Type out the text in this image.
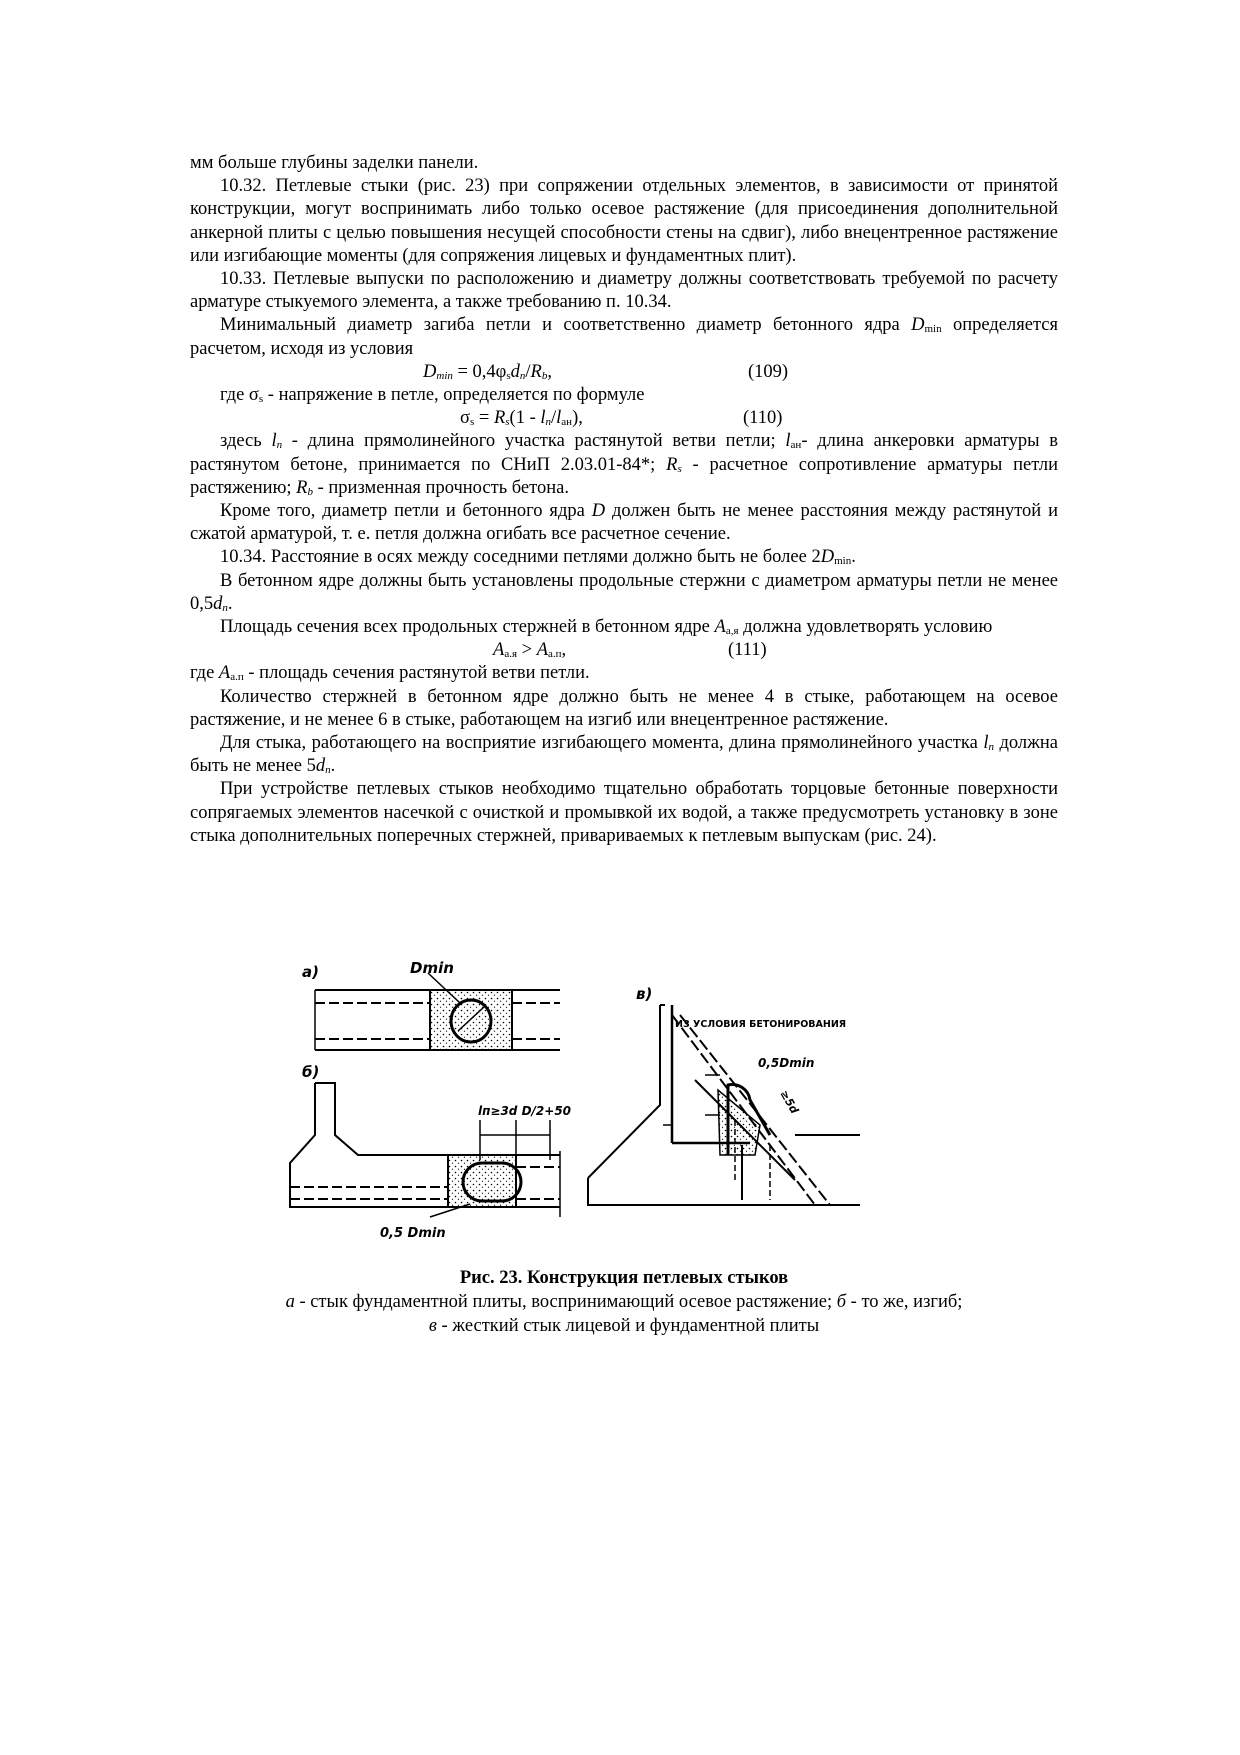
мм больше глубины заделки панели.

10.32. Петлевые стыки (рис. 23) при сопряжении отдельных элементов, в зависимости от принятой конструкции, могут воспринимать либо только осевое растяжение (для присоединения дополнительной анкерной плиты с целью повышения несущей способности стены на сдвиг), либо внецентренное растяжение или изгибающие моменты (для сопряжения лицевых и фундаментных плит).

10.33. Петлевые выпуски по расположению и диаметру должны соответствовать требуемой по расчету арматуре стыкуемого элемента, а также требованию п. 10.34.

Минимальный диаметр загиба петли и соответственно диаметр бетонного ядра $D_{min}$ определяется расчетом, исходя из условия

$D_{min} = 0,4\varphi_sd_n/R_b$,	(109)

где $\sigma_s$ - напряжение в петле, определяется по формуле

$\sigma_s = R_s(1 - l_n/l_{ан})$,	(110)

здесь $l_n$ - длина прямолинейного участка растянутой ветви петли; $l_{ан}-$ длина анкеровки арматуры в растянутом бетоне, принимается по СНиП 2.03.01-84*; $R_s$ - расчетное сопротивление арматуры петли растяжению; $R_b$ - призменная прочность бетона.

Кроме того, диаметр петли и бетонного ядра D должен быть не менее расстояния между растянутой и сжатой арматурой, т. е. петля должна огибать все расчетное сечение.

10.34. Расстояние в осях между соседними петлями должно быть не более $2D_{min}$.

В бетонном ядре должны быть установлены продольные стержни с диаметром арматуры петли не менее $0,5d_n$.

Площадь сечения всех продольных стержней в бетонном ядре $A_{а,я}$ должна удовлетворять условию

$A_{а.я} > A_{а.п}$,	(111)

где $A_{а.п}$ - площадь сечения растянутой ветви петли.

Количество стержней в бетонном ядре должно быть не менее 4 в стыке, работающем на осевое растяжение, и не менее 6 в стыке, работающем на изгиб или внецентренное растяжение.

Для стыка, работающего на восприятие изгибающего момента, длина прямолинейного участка $l_n$ должна быть не менее $5d_n$.

При устройстве петлевых стыков необходимо тщательно обработать торцовые бетонные поверхности сопрягаемых элементов насечкой с очисткой и промывкой их водой, а также предусмотреть установку в зоне стыка дополнительных поперечных стержней, привариваемых к петлевым выпускам (рис. 24).

а)	Dmin
б)
lп≥3d D/2+50
0,5 Dmin
в)
0,5Dmin
≥5d
ИЗ УСЛОВИЯ БЕТОНИРОВАНИЯ
Рис. 23. Конструкция петлевых стыков
а - стык фундаментной плиты, воспринимающий осевое растяжение; б - то же, изгиб;
в - жесткий стык лицевой и фундаментной плиты
